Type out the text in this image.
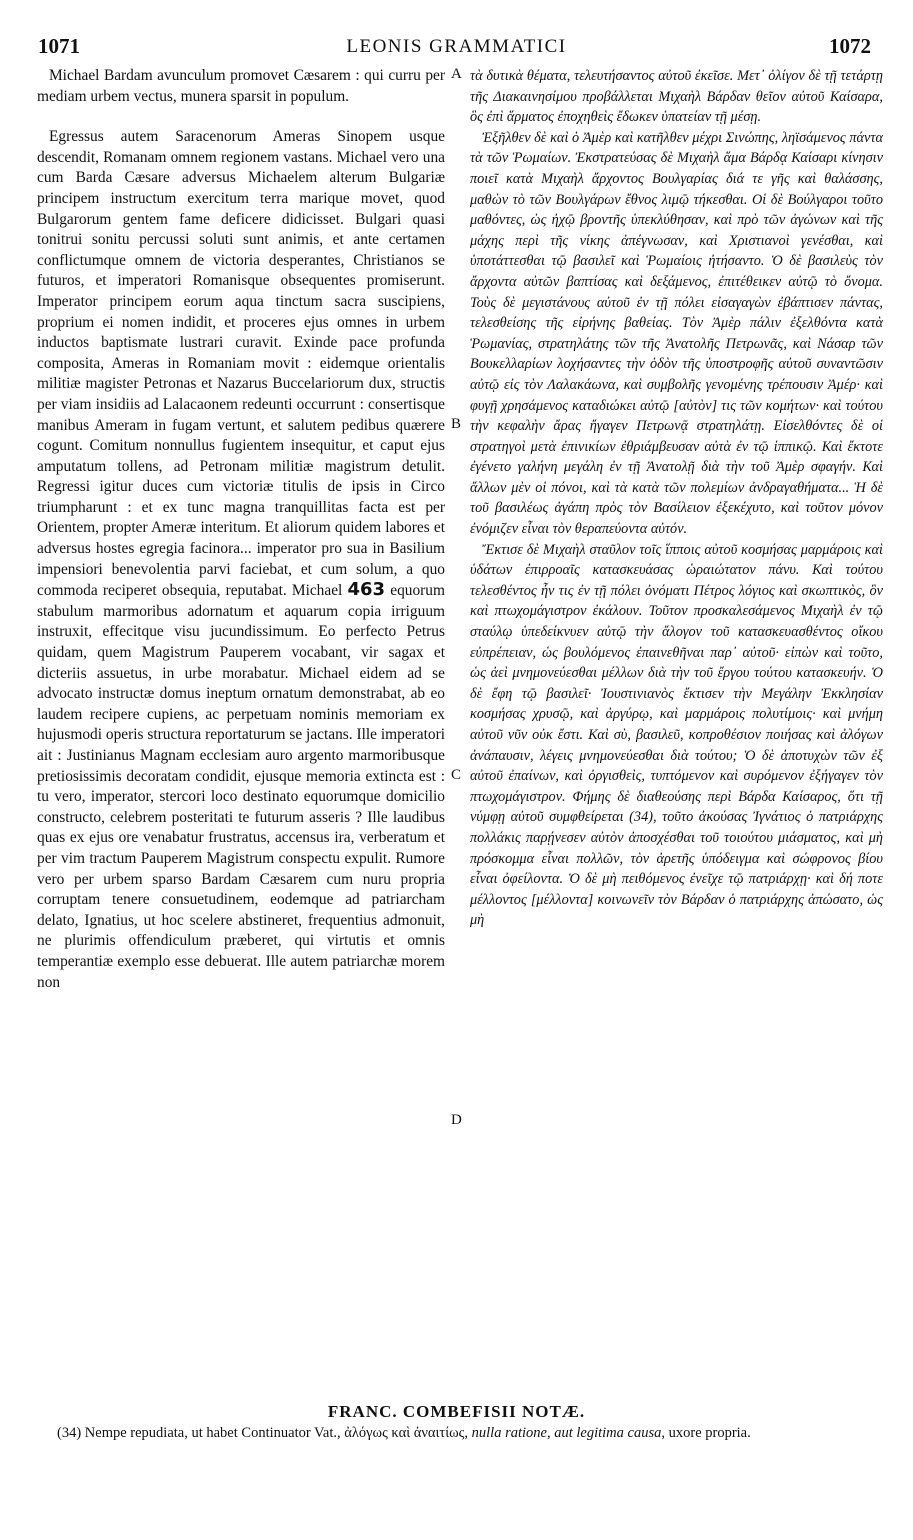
1071	LEONIS GRAMMATICI	1072

Michael Bardam avunculum promovet Cæsarem : qui curru per mediam urbem vectus, munera sparsit in populum.

Egressus autem Saracenorum Ameras Sinopem usque descendit, Romanam omnem regionem vastans. Michael vero una cum Barda Cæsare adversus Michaelem alterum Bulgariæ principem instructum exercitum terra marique movet, quod Bulgarorum gentem fame deficere didicisset. Bulgari quasi tonitrui sonitu percussi soluti sunt animis, et ante certamen conflictumque omnem de victoria desperantes, Christianos se futuros, et imperatori Romanisque obsequentes promiserunt. Imperator principem eorum aqua tinctum sacra suscipiens, proprium ei nomen indidit, et proceres ejus omnes in urbem inductos baptismate lustrari curavit. Exinde pace profunda composita, Ameras in Romaniam movit : eidemque orientalis militiæ magister Petronas et Nazarus Buccelariorum dux, structis per viam insidiis ad Lalacaonem redeunti occurrunt : consertisque manibus Ameram in fugam vertunt, et salutem pedibus quærere cogunt. Comitum nonnullus fugientem insequitur, et caput ejus amputatum tollens, ad Petronam militiæ magistrum detulit. Regressi igitur duces cum victoriæ titulis de ipsis in Circo triumpharunt : et ex tunc magna tranquillitas facta est per Orientem, propter Ameræ interitum. Et aliorum quidem labores et adversus hostes egregia facinora... imperator pro sua in Basilium impensiori benevolentia parvi faciebat, et cum solum, a quo commoda reciperet obsequia, reputabat. Michael 463 equorum stabulum marmoribus adornatum et aquarum copia irriguum instruxit, effecitque visu jucundissimum. Eo perfecto Petrus quidam, quem Magistrum Pauperem vocabant, vir sagax et dicteriis assuetus, in urbe morabatur. Michael eidem ad se advocato instructæ domus ineptum ornatum demonstrabat, ab eo laudem recipere cupiens, ac perpetuam nominis memoriam ex hujusmodi operis structura reportaturum se jactans. Ille imperatori ait : Justinianus Magnam ecclesiam auro argento marmoribusque pretiosissimis decoratam condidit, ejusque memoria extincta est : tu vero, imperator, stercori loco destinato equorumque domicilio constructo, celebrem posteritati te futurum asseris ? Ille laudibus quas ex ejus ore venabatur frustratus, accensus ira, verberatum et per vim tractum Pauperem Magistrum conspectu expulit. Rumore vero per urbem sparso Bardam Cæsarem cum nuru propria corruptam tenere consuetudinem, eodemque ad patriarcham delato, Ignatius, ut hoc scelere abstineret, frequentius admonuit, ne plurimis offendiculum præberet, qui virtutis et omnis temperantiæ exemplo esse debuerat. Ille autem patriarchæ morem non

A
B
C
D

τὰ δυτικὰ θέματα, τελευτήσαντος αὐτοῦ ἐκεῖσε. Μετ᾽ ὀλίγον δὲ τῇ τετάρτῃ τῆς Διακαινησίμου προβάλλεται Μιχαὴλ Βάρδαν θεῖον αὐτοῦ Καίσαρα, ὃς ἐπὶ ἅρματος ἐποχηθεὶς ἔδωκεν ὑπατείαν τῇ μέσῃ.

Ἐξῆλθεν δὲ καὶ ὁ Ἀμὲρ καὶ κατῆλθεν μέχρι Σινώπης, ληϊσάμενος πάντα τὰ τῶν Ῥωμαίων. Ἐκστρατεύσας δὲ Μιχαὴλ ἅμα Βάρδᾳ Καίσαρι κίνησιν ποιεῖ κατὰ Μιχαὴλ ἄρχοντος Βουλγαρίας διά τε γῆς καὶ θαλάσσης, μαθὼν τὸ τῶν Βουλγάρων ἔθνος λιμῷ τήκεσθαι. Οἱ δὲ Βούλγαροι τοῦτο μαθόντες, ὡς ἠχῷ βροντῆς ὑπεκλύθησαν, καὶ πρὸ τῶν ἀγώνων καὶ τῆς μάχης περὶ τῆς νίκης ἀπέγνωσαν, καὶ Χριστιανοὶ γενέσθαι, καὶ ὑποτάττεσθαι τῷ βασιλεῖ καὶ Ῥωμαίοις ἠτήσαντο. Ὁ δὲ βασιλεὺς τὸν ἄρχοντα αὐτῶν βαπτίσας καὶ δεξάμενος, ἐπιτέθεικεν αὐτῷ τὸ ὄνομα. Τοὺς δὲ μεγιστάνους αὐτοῦ ἐν τῇ πόλει εἰσαγαγὼν ἐβάπτισεν πάντας, τελεσθείσης τῆς εἰρήνης βαθείας. Τὸν Ἀμὲρ πάλιν ἐξελθόντα κατὰ Ῥωμανίας, στρατηλάτης τῶν τῆς Ἀνατολῆς Πετρωνᾶς, καὶ Νάσαρ τῶν Βουκελλαρίων λοχήσαντες τὴν ὁδὸν τῆς ὑποστροφῆς αὐτοῦ συναντῶσιν αὐτῷ εἰς τὸν Λαλακάωνα, καὶ συμβολῆς γενομένης τρέπουσιν Ἀμέρ· καὶ φυγῇ χρησάμενος καταδιώκει αὐτῷ [αὐτὸν] τις τῶν κομήτων· καὶ τούτου τὴν κεφαλὴν ἄρας ἤγαγεν Πετρωνᾷ στρατηλάτῃ. Εἰσελθόντες δὲ οἱ στρατηγοὶ μετὰ ἐπινικίων ἐθριάμβευσαν αὐτὰ ἐν τῷ ἱππικῷ. Καὶ ἔκτοτε ἐγένετο γαλήνη μεγάλη ἐν τῇ Ἀνατολῇ διὰ τὴν τοῦ Ἀμὲρ σφαγήν. Καὶ ἄλλων μὲν οἱ πόνοι, καὶ τὰ κατὰ τῶν πολεμίων ἀνδραγαθήματα... Ἡ δὲ τοῦ βασιλέως ἀγάπη πρὸς τὸν Βασίλειον ἐξεκέχυτο, καὶ τοῦτον μόνον ἐνόμιζεν εἶναι τὸν θεραπεύοντα αὐτόν.

Ἔκτισε δὲ Μιχαὴλ σταῦλον τοῖς ἵπποις αὐτοῦ κοσμήσας μαρμάροις καὶ ὑδάτων ἐπιρροαῖς κατασκευάσας ὡραιώτατον πάνυ. Καὶ τούτου τελεσθέντος ἦν τις ἐν τῇ πόλει ὀνόματι Πέτρος λόγιος καὶ σκωπτικὸς, ὃν καὶ πτωχομάγιστρον ἐκάλουν. Τοῦτον προσκαλεσάμενος Μιχαὴλ ἐν τῷ σταύλῳ ὑπεδείκνυεν αὐτῷ τὴν ἄλογον τοῦ κατασκευασθέντος οἴκου εὐπρέπειαν, ὡς βουλόμενος ἐπαινεθῆναι παρ᾽ αὐτοῦ· εἰπὼν καὶ τοῦτο, ὡς ἀεὶ μνημονεύεσθαι μέλλων διὰ τὴν τοῦ ἔργου τούτου κατασκευήν. Ὁ δὲ ἔφη τῷ βασιλεῖ· Ἰουστινιανὸς ἔκτισεν τὴν Μεγάλην Ἐκκλησίαν κοσμήσας χρυσῷ, καὶ ἀργύρῳ, καὶ μαρμάροις πολυτίμοις· καὶ μνήμη αὐτοῦ νῦν οὐκ ἔστι. Καὶ σὺ, βασιλεῦ, κοπροθέσιον ποιήσας καὶ ἀλόγων ἀνάπαυσιν, λέγεις μνημονεύεσθαι διὰ τούτου; Ὁ δὲ ἀποτυχὼν τῶν ἐξ αὐτοῦ ἐπαίνων, καὶ ὀργισθεὶς, τυπτόμενον καὶ συρόμενον ἐξήγαγεν τὸν πτωχομάγιστρον. Φήμης δὲ διαθεούσης περὶ Βάρδα Καίσαρος, ὅτι τῇ νύμφῃ αὐτοῦ συμφθείρεται (34), τοῦτο ἀκούσας Ἰγνάτιος ὁ πατριάρχης πολλάκις παρῄνεσεν αὐτὸν ἀποσχέσθαι τοῦ τοιούτου μιάσματος, καὶ μὴ πρόσκομμα εἶναι πολλῶν, τὸν ἀρετῆς ὑπόδειγμα καὶ σώφρονος βίου εἶναι ὀφείλοντα. Ὁ δὲ μὴ πειθόμενος ἐνεῖχε τῷ πατριάρχῃ· καὶ δή ποτε μέλλοντος [μέλλοντα] κοινωνεῖν τὸν Βάρδαν ὁ πατριάρχης ἀπώσατο, ὡς μὴ

FRANC. COMBEFISII NOTÆ.
(34) Nempe repudiata, ut habet Continuator Vat., ἀλόγως καὶ ἀναιτίως, nulla ratione, aut legitima causa, uxore propria.
